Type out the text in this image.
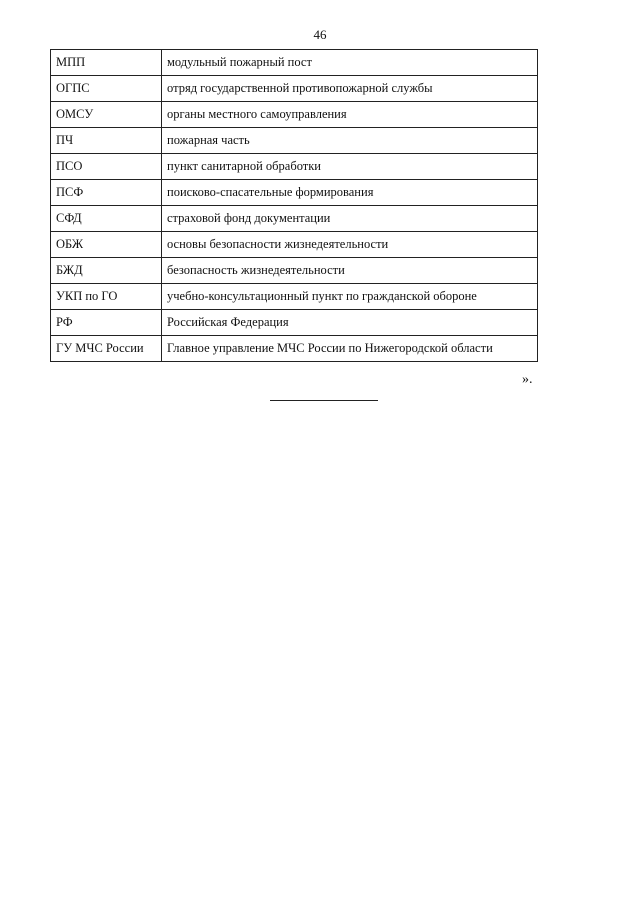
46
МПП	модульный пожарный пост
ОГПС	отряд государственной противопожарной службы
ОМСУ	органы местного самоуправления
ПЧ	пожарная часть
ПСО	пункт санитарной обработки
ПСФ	поисково-спасательные формирования
СФД	страховой фонд документации
ОБЖ	основы безопасности жизнедеятельности
БЖД	безопасность жизнедеятельности
УКП по ГО	учебно-консультационный пункт по гражданской обороне
РФ	Российская Федерация
ГУ МЧС России	Главное управление МЧС России по Нижегородской области
».
